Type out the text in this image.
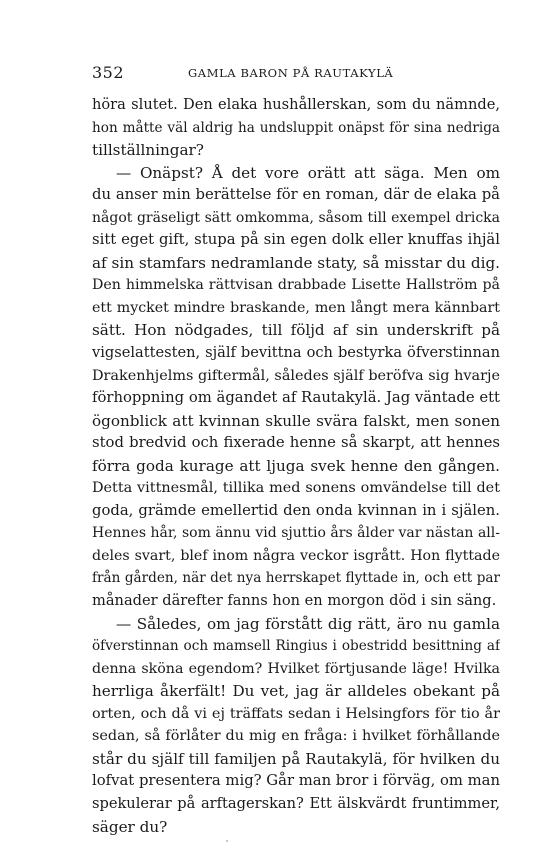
352	GAMLA BARON PÅ RAUTAKYLÄ
höra slutet. Den elaka hushållerskan, som du nämnde,
hon måtte väl aldrig ha undsluppit onäpst för sina nedriga
tillställningar?
— Onäpst? Å det vore orätt att säga. Men om
du anser min berättelse för en roman, där de elaka på
något gräseligt sätt omkomma, såsom till exempel dricka
sitt eget gift, stupa på sin egen dolk eller knuffas ihjäl
af sin stamfars nedramlande staty, så misstar du dig.
Den himmelska rättvisan drabbade Lisette Hallström på
ett mycket mindre braskande, men långt mera kännbart
sätt. Hon nödgades, till följd af sin underskrift på
vigselattesten, själf bevittna och bestyrka öfverstinnan
Drakenhjelms giftermål, således själf beröfva sig hvarje
förhoppning om ägandet af Rautakylä. Jag väntade ett
ögonblick att kvinnan skulle svära falskt, men sonen
stod bredvid och fixerade henne så skarpt, att hennes
förra goda kurage att ljuga svek henne den gången.
Detta vittnesmål, tillika med sonens omvändelse till det
goda, grämde emellertid den onda kvinnan in i själen.
Hennes hår, som ännu vid sjuttio års ålder var nästan all-
deles svart, blef inom några veckor isgrått. Hon flyttade
från gården, när det nya herrskapet flyttade in, och ett par
månader därefter fanns hon en morgon död i sin säng.
— Således, om jag förstått dig rätt, äro nu gamla
öfverstinnan och mamsell Ringius i obestridd besittning af
denna sköna egendom? Hvilket förtjusande läge! Hvilka
herrliga åkerfält! Du vet, jag är alldeles obekant på
orten, och då vi ej träffats sedan i Helsingfors för tio år
sedan, så förlåter du mig en fråga: i hvilket förhållande
står du själf till familjen på Rautakylä, för hvilken du
lofvat presentera mig? Går man bror i förväg, om man
spekulerar på arftagerskan? Ett älskvärdt fruntimmer,
säger du?
